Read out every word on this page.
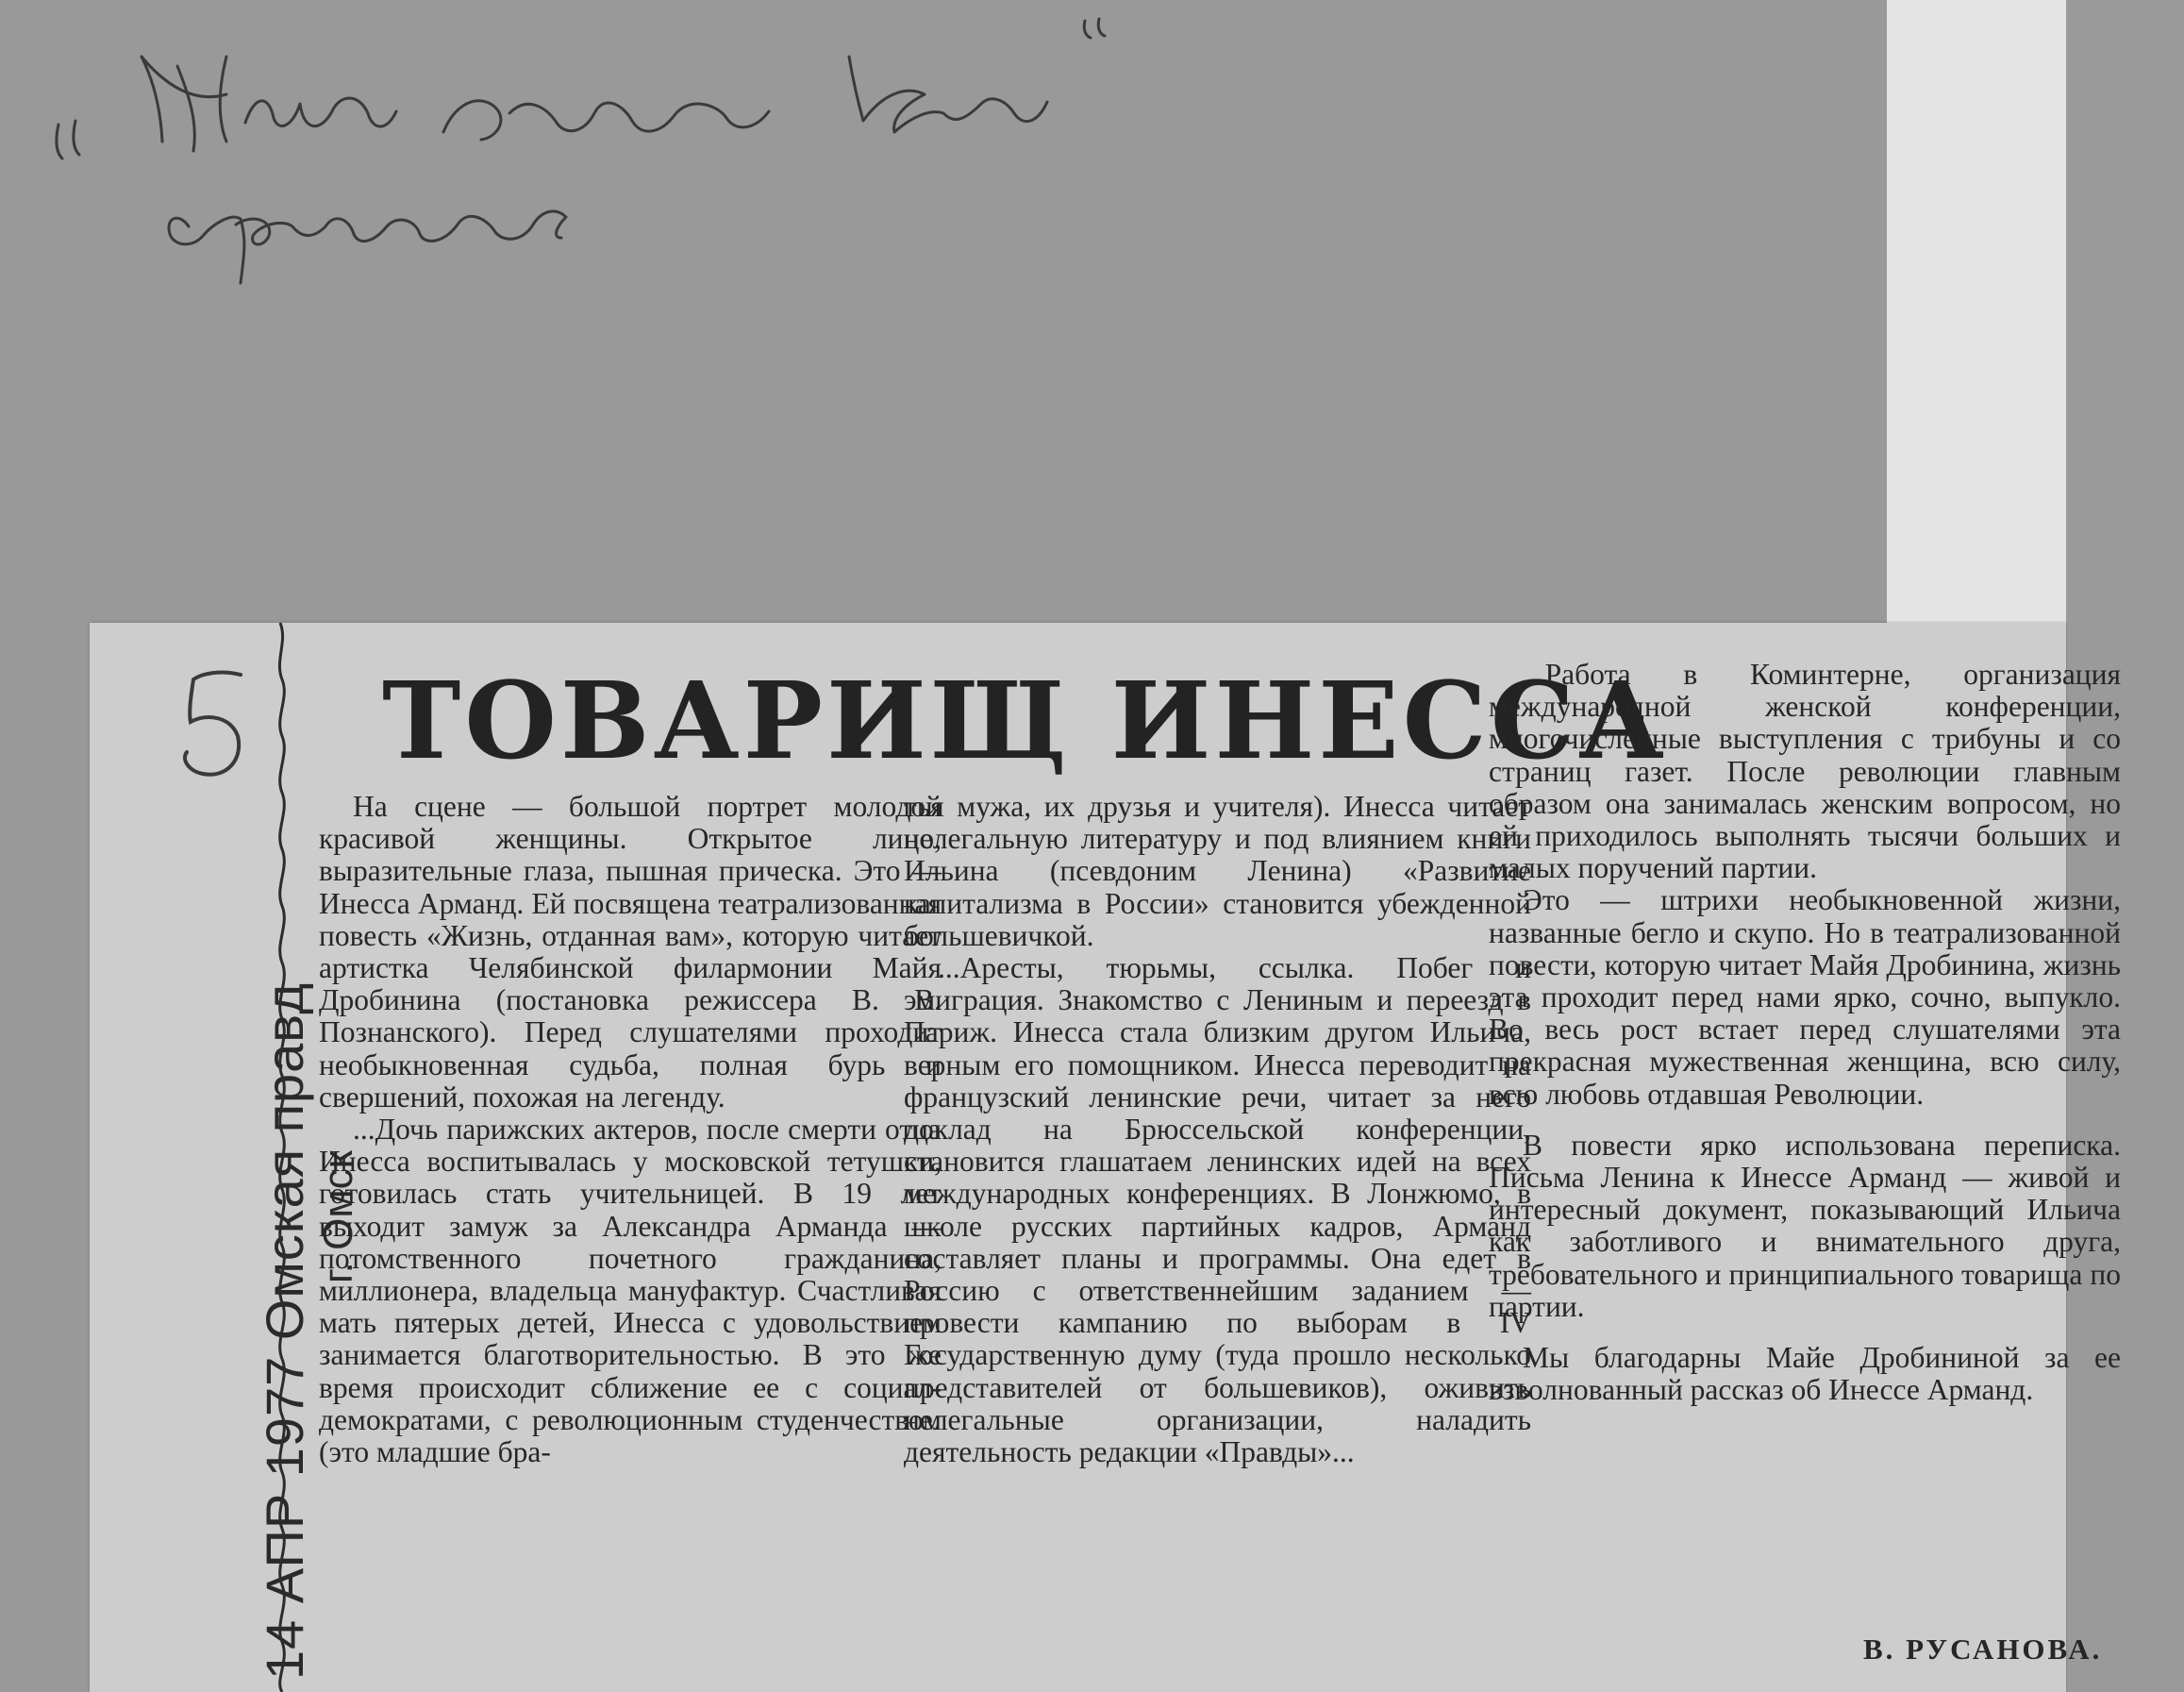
14 АПР 1977 Омская правд г. Омск
ТОВАРИЩ ИНЕССА

На сцене — большой портрет молодой красивой женщины. Открытое лицо, выразительные глаза, пышная прическа. Это — Инесса Арманд. Ей посвящена театрализованная повесть «Жизнь, отданная вам», которую читает артистка Челябинской филармонии Майя Дробинина (постановка режиссера В. В. Познанского). Перед слушателями проходит необыкновенная судьба, полная бурь и свершений, похожая на легенду.

...Дочь парижских актеров, после смерти отца Инесса воспитывалась у московской тетушки, готовилась стать учительницей. В 19 лет выходит замуж за Александра Арманда — потомственного почетного гражданина, миллионера, владельца мануфактур. Счастливая мать пятерых детей, Инесса с удовольствием занимается благотворительностью. В это же время происходит сближение ее с социал-демократами, с революционным студенчеством (это младшие бра-

тья мужа, их друзья и учителя). Инесса читает нелегальную литературу и под влиянием книги Ильина (псевдоним Ленина) «Развитие капитализма в России» становится убежденной большевичкой.

...Аресты, тюрьмы, ссылка. Побег и эмиграция. Знакомство с Лениным и переезд в Париж. Инесса стала близким другом Ильича, верным его помощником. Инесса переводит на французский ленинские речи, читает за него доклад на Брюссельской конференции, становится глашатаем ленинских идей на всех международных конференциях. В Лонжюмо, в школе русских партийных кадров, Арманд составляет планы и программы. Она едет в Россию с ответственнейшим заданием — провести кампанию по выборам в IV Государственную думу (туда прошло несколько представителей от большевиков), оживить нелегальные организации, наладить деятельность редакции «Правды»...

...Работа в Коминтерне, организация международной женской конференции, многочисленные выступления с трибуны и со страниц газет. После революции главным образом она занималась женским вопросом, но ей приходилось выполнять тысячи больших и малых поручений партии.

Это — штрихи необыкновенной жизни, названные бегло и скупо. Но в театрализованной повести, которую читает Майя Дробинина, жизнь эта проходит перед нами ярко, сочно, выпукло. Во весь рост встает перед слушателями эта прекрасная мужественная женщина, всю силу, всю любовь отдавшая Революции.

В повести ярко использована переписка. Письма Ленина к Инессе Арманд — живой и интересный документ, показывающий Ильича как заботливого и внимательного друга, требовательного и принципиального товарища по партии.

Мы благодарны Майе Дробининой за ее взволнованный рассказ об Инессе Арманд.

В. РУСАНОВА.
